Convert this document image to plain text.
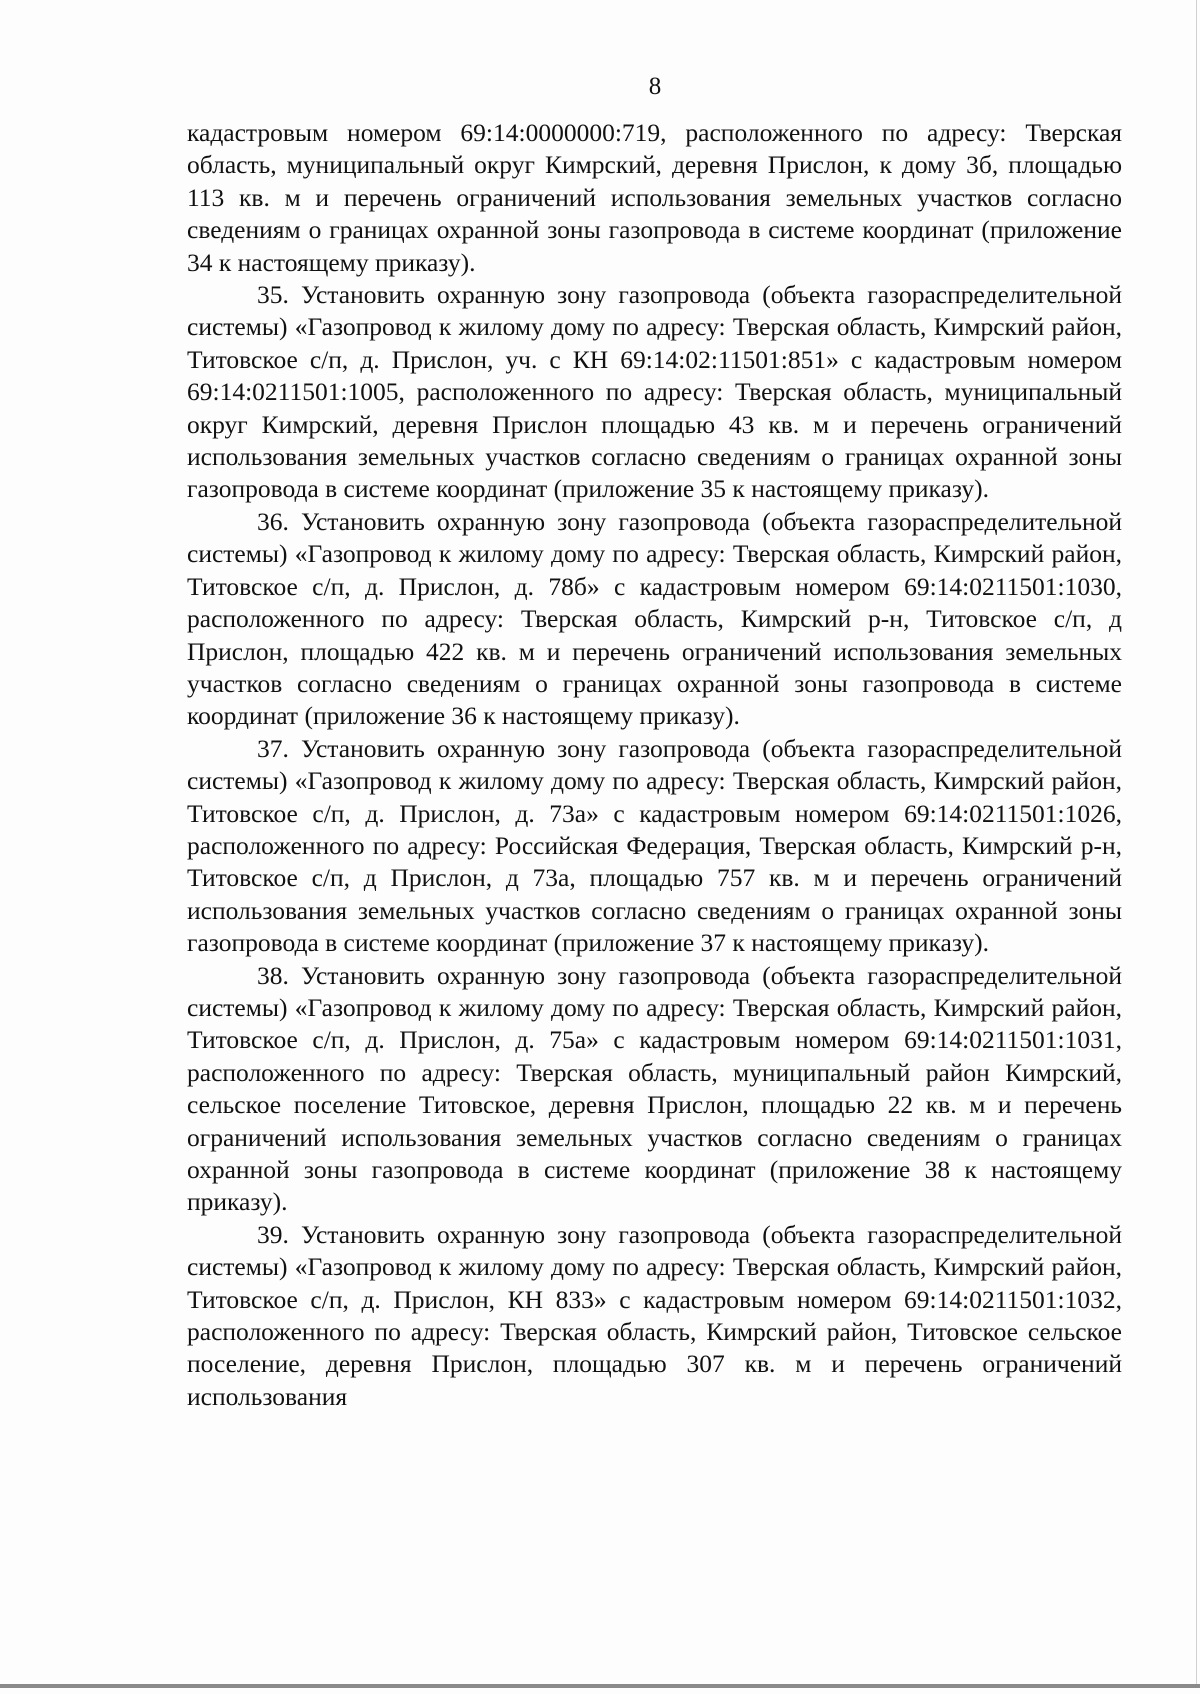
8

кадастровым номером 69:14:0000000:719, расположенного по адресу: Тверская область, муниципальный округ Кимрский, деревня Прислон, к дому 3б, площадью 113 кв. м и перечень ограничений использования земельных участков согласно сведениям о границах охранной зоны газопровода в системе координат (приложение 34 к настоящему приказу).

35. Установить охранную зону газопровода (объекта газораспределительной системы) «Газопровод к жилому дому по адресу: Тверская область, Кимрский район, Титовское с/п, д. Прислон, уч. с КН 69:14:02:11501:851» с кадастровым номером 69:14:0211501:1005, расположенного по адресу: Тверская область, муниципальный округ Кимрский, деревня Прислон площадью 43 кв. м и перечень ограничений использования земельных участков согласно сведениям о границах охранной зоны газопровода в системе координат (приложение 35 к настоящему приказу).

36. Установить охранную зону газопровода (объекта газораспределительной системы) «Газопровод к жилому дому по адресу: Тверская область, Кимрский район, Титовское с/п, д. Прислон, д. 78б» с кадастровым номером 69:14:0211501:1030, расположенного по адресу: Тверская область, Кимрский р-н, Титовское с/п, д Прислон, площадью 422 кв. м и перечень ограничений использования земельных участков согласно сведениям о границах охранной зоны газопровода в системе координат (приложение 36 к настоящему приказу).

37. Установить охранную зону газопровода (объекта газораспределительной системы) «Газопровод к жилому дому по адресу: Тверская область, Кимрский район, Титовское с/п, д. Прислон, д. 73а» с кадастровым номером 69:14:0211501:1026, расположенного по адресу: Российская Федерация, Тверская область, Кимрский р-н, Титовское с/п, д Прислон, д 73а, площадью 757 кв. м и перечень ограничений использования земельных участков согласно сведениям о границах охранной зоны газопровода в системе координат (приложение 37 к настоящему приказу).

38. Установить охранную зону газопровода (объекта газораспределительной системы) «Газопровод к жилому дому по адресу: Тверская область, Кимрский район, Титовское с/п, д. Прислон, д. 75а» с кадастровым номером 69:14:0211501:1031, расположенного по адресу: Тверская область, муниципальный район Кимрский, сельское поселение Титовское, деревня Прислон, площадью 22 кв. м и перечень ограничений использования земельных участков согласно сведениям о границах охранной зоны газопровода в системе координат (приложение 38 к настоящему приказу).

39. Установить охранную зону газопровода (объекта газораспределительной системы) «Газопровод к жилому дому по адресу: Тверская область, Кимрский район, Титовское с/п, д. Прислон, КН 833» с кадастровым номером 69:14:0211501:1032, расположенного по адресу: Тверская область, Кимрский район, Титовское сельское поселение, деревня Прислон, площадью 307 кв. м и перечень ограничений использования
